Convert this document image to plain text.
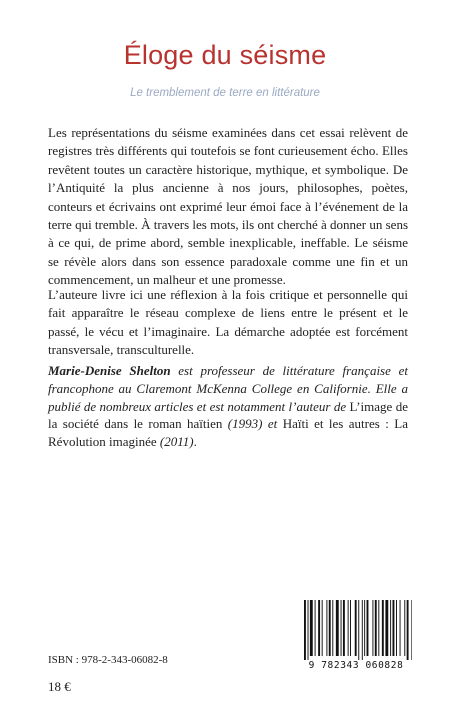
Éloge du séisme
Le tremblement de terre en littérature
Les représentations du séisme examinées dans cet essai relèvent de registres très différents qui toutefois se font curieusement écho. Elles revêtent toutes un caractère historique, mythique, et symbolique. De l’Antiquité la plus ancienne à nos jours, philosophes, poètes, conteurs et écrivains ont exprimé leur émoi face à l’événement de la terre qui tremble. À travers les mots, ils ont cherché à donner un sens à ce qui, de prime abord, semble inexplicable, ineffable. Le séisme se révèle alors dans son essence paradoxale comme une fin et un commencement, un malheur et une promesse.
L’auteure livre ici une réflexion à la fois critique et personnelle qui fait apparaître le réseau complexe de liens entre le présent et le passé, le vécu et l’imaginaire. La démarche adoptée est forcément transversale, transculturelle.
Marie-Denise Shelton est professeur de littérature française et francophone au Claremont McKenna College en Californie. Elle a publié de nombreux articles et est notamment l’auteur de L’image de la société dans le roman haïtien (1993) et Haïti et les autres : La Révolution imaginée (2011).
ISBN : 978-2-343-06082-8
18 €
9 782343 060828
